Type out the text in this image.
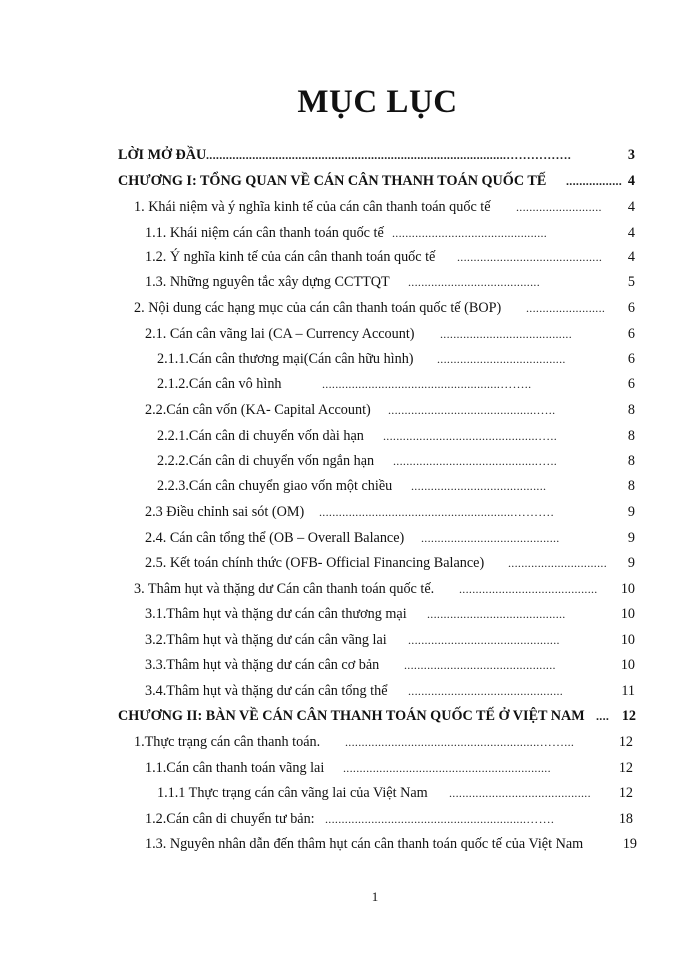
MỤC LỤC
LỜI MỞ ĐẦU ...........................................................................................…………….	3
CHƯƠNG I: TỔNG QUAN VỀ CÁN CÂN THANH TOÁN QUỐC TẾ ................. 4
1. Khái niệm và ý nghĩa kinh tế của cán cân thanh toán quốc tế ..........................	4
1.1. Khái niệm cán cân thanh toán quốc tế ...............................................	4
1.2. Ý nghĩa kinh tế của cán cân thanh toán quốc tế ............................................	4
1.3. Những nguyên tắc xây dựng CCTTQT ........................................	5
2. Nội dung các hạng mục của cán cân thanh toán quốc tế (BOP) ........................	6
2.1. Cán cân vãng lai (CA – Currency Account) ........................................	6
2.1.1.Cán cân thương mại(Cán cân hữu hình) .......................................	6
2.1.2.Cán cân vô hình	......................................................……..	6
2.2.Cán cân vốn (KA- Capital Account) .............................................…..	8
2.2.1.Cán cân di chuyển vốn dài hạn ...............................................…..	8
2.2.2.Cán cân di chuyển vốn ngắn hạn ............................................…..	8
2.2.3.Cán cân chuyển giao vốn một chiều .........................................	8
2.3 Điều chỉnh sai sót (OM) ...........................................................……….	9
2.4. Cán cân tổng thể (OB – Overall Balance) ..........................................	9
2.5. Kết toán chính thức (OFB- Official Financing Balance) ..............................	9
3. Thâm hụt và thặng dư Cán cân thanh toán quốc tế. ..........................................	10
3.1.Thâm hụt và thặng dư cán cân thương mại ..........................................	10
3.2.Thâm hụt và thặng dư cán cân vãng lai ..............................................	10
3.3.Thâm hụt và thặng dư cán cân cơ bản ..............................................	10
3.4.Thâm hụt và thặng dư cán cân tổng thể ...............................................	11
CHƯƠNG II: BÀN VỀ CÁN CÂN THANH TOÁN QUỐC TẾ Ở VIỆT NAM .... 12
1.Thực trạng cán cân thanh toán. ...........................................................……...	12
1.1.Cán cân thanh toán vãng lai ...............................................................	12
1.1.1 Thực trạng cán cân vãng lai của Việt Nam ...........................................	12
1.2.Cán cân di chuyển tư bản: .............................................................…….	18
1.3. Nguyên nhân dẫn đến thâm hụt cán cân thanh toán quốc tế của Việt Nam	19
1
